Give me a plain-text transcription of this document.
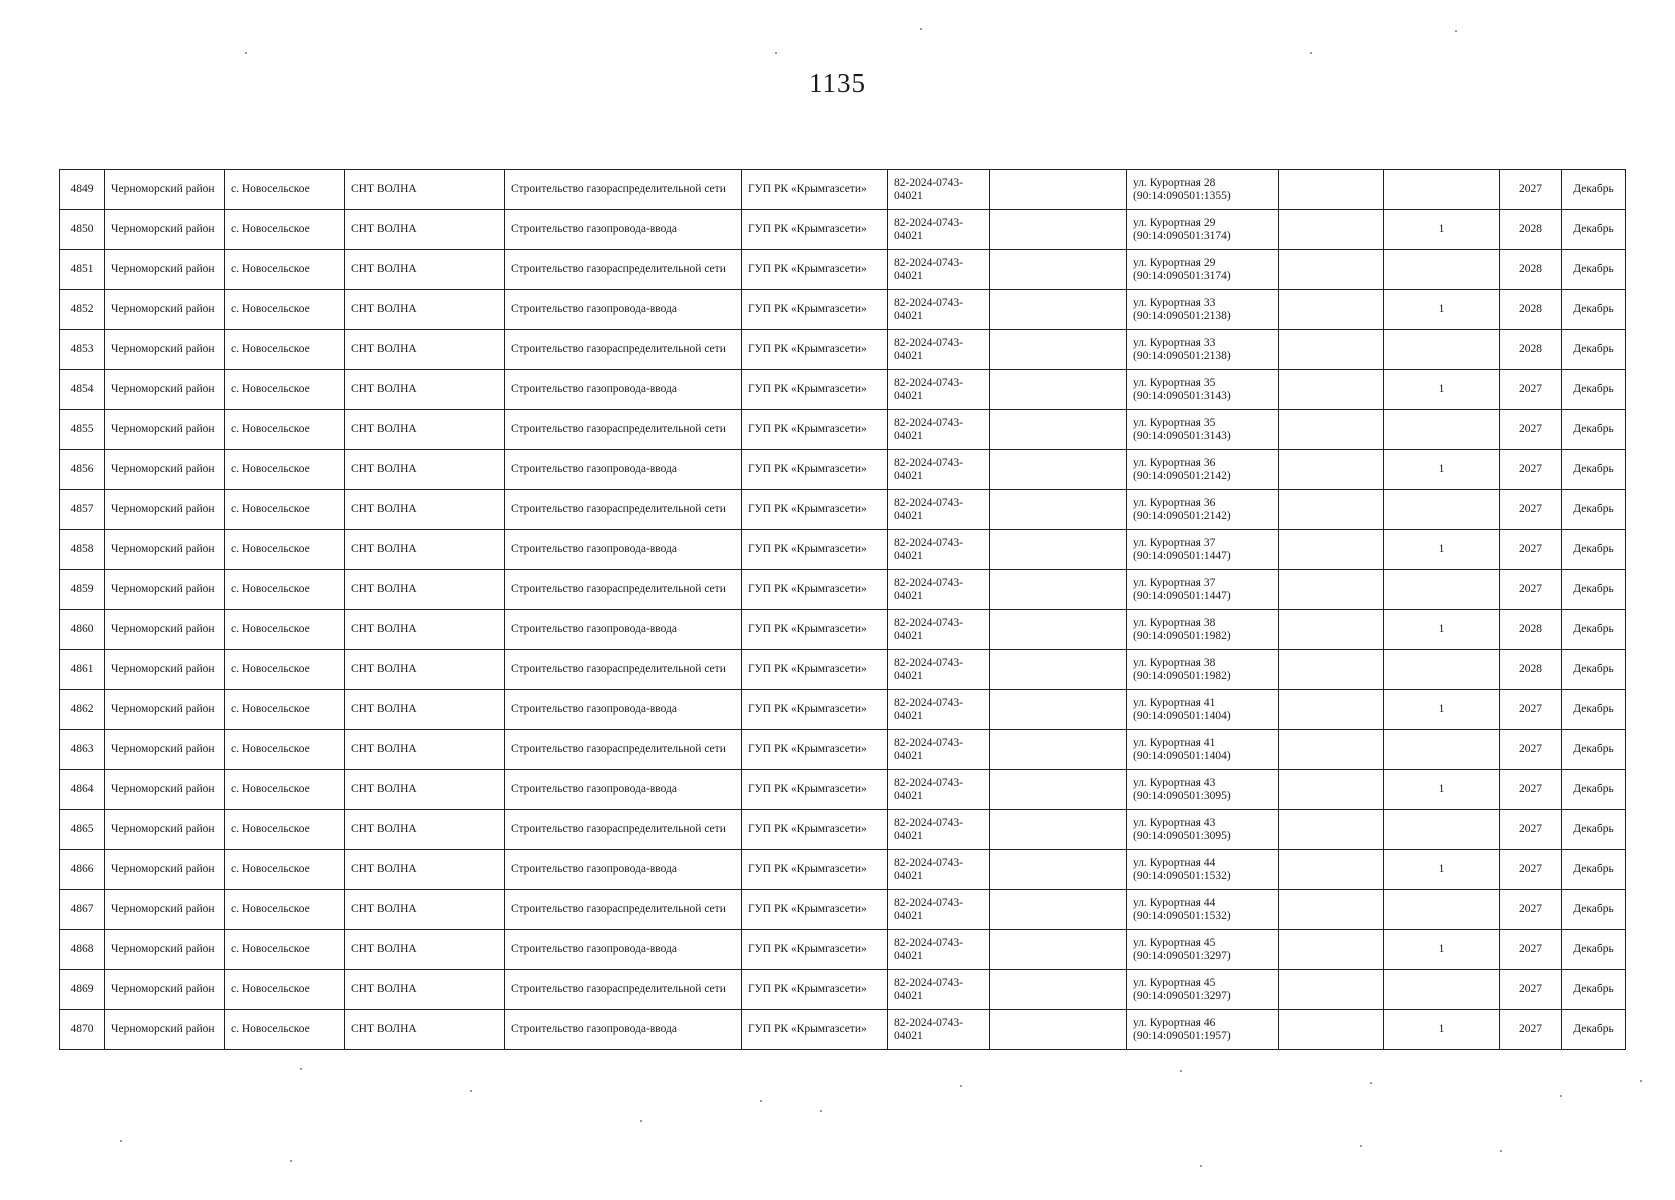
1135
4849	Черноморский район	с. Новосельское	СНТ ВОЛНА	Строительство газораспределительной сети	ГУП РК «Крымгазсети»	82-2024-0743-04021		ул. Курортная 28 (90:14:090501:1355)			2027	Декабрь
4850	Черноморский район	с. Новосельское	СНТ ВОЛНА	Строительство газопровода-ввода	ГУП РК «Крымгазсети»	82-2024-0743-04021		ул. Курортная 29 (90:14:090501:3174)		1	2028	Декабрь
4851	Черноморский район	с. Новосельское	СНТ ВОЛНА	Строительство газораспределительной сети	ГУП РК «Крымгазсети»	82-2024-0743-04021		ул. Курортная 29 (90:14:090501:3174)			2028	Декабрь
4852	Черноморский район	с. Новосельское	СНТ ВОЛНА	Строительство газопровода-ввода	ГУП РК «Крымгазсети»	82-2024-0743-04021		ул. Курортная 33 (90:14:090501:2138)		1	2028	Декабрь
4853	Черноморский район	с. Новосельское	СНТ ВОЛНА	Строительство газораспределительной сети	ГУП РК «Крымгазсети»	82-2024-0743-04021		ул. Курортная 33 (90:14:090501:2138)			2028	Декабрь
4854	Черноморский район	с. Новосельское	СНТ ВОЛНА	Строительство газопровода-ввода	ГУП РК «Крымгазсети»	82-2024-0743-04021		ул. Курортная 35 (90:14:090501:3143)		1	2027	Декабрь
4855	Черноморский район	с. Новосельское	СНТ ВОЛНА	Строительство газораспределительной сети	ГУП РК «Крымгазсети»	82-2024-0743-04021		ул. Курортная 35 (90:14:090501:3143)			2027	Декабрь
4856	Черноморский район	с. Новосельское	СНТ ВОЛНА	Строительство газопровода-ввода	ГУП РК «Крымгазсети»	82-2024-0743-04021		ул. Курортная 36 (90:14:090501:2142)		1	2027	Декабрь
4857	Черноморский район	с. Новосельское	СНТ ВОЛНА	Строительство газораспределительной сети	ГУП РК «Крымгазсети»	82-2024-0743-04021		ул. Курортная 36 (90:14:090501:2142)			2027	Декабрь
4858	Черноморский район	с. Новосельское	СНТ ВОЛНА	Строительство газопровода-ввода	ГУП РК «Крымгазсети»	82-2024-0743-04021		ул. Курортная 37 (90:14:090501:1447)		1	2027	Декабрь
4859	Черноморский район	с. Новосельское	СНТ ВОЛНА	Строительство газораспределительной сети	ГУП РК «Крымгазсети»	82-2024-0743-04021		ул. Курортная 37 (90:14:090501:1447)			2027	Декабрь
4860	Черноморский район	с. Новосельское	СНТ ВОЛНА	Строительство газопровода-ввода	ГУП РК «Крымгазсети»	82-2024-0743-04021		ул. Курортная 38 (90:14:090501:1982)		1	2028	Декабрь
4861	Черноморский район	с. Новосельское	СНТ ВОЛНА	Строительство газораспределительной сети	ГУП РК «Крымгазсети»	82-2024-0743-04021		ул. Курортная 38 (90:14:090501:1982)			2028	Декабрь
4862	Черноморский район	с. Новосельское	СНТ ВОЛНА	Строительство газопровода-ввода	ГУП РК «Крымгазсети»	82-2024-0743-04021		ул. Курортная 41 (90:14:090501:1404)		1	2027	Декабрь
4863	Черноморский район	с. Новосельское	СНТ ВОЛНА	Строительство газораспределительной сети	ГУП РК «Крымгазсети»	82-2024-0743-04021		ул. Курортная 41 (90:14:090501:1404)			2027	Декабрь
4864	Черноморский район	с. Новосельское	СНТ ВОЛНА	Строительство газопровода-ввода	ГУП РК «Крымгазсети»	82-2024-0743-04021		ул. Курортная 43 (90:14:090501:3095)		1	2027	Декабрь
4865	Черноморский район	с. Новосельское	СНТ ВОЛНА	Строительство газораспределительной сети	ГУП РК «Крымгазсети»	82-2024-0743-04021		ул. Курортная 43 (90:14:090501:3095)			2027	Декабрь
4866	Черноморский район	с. Новосельское	СНТ ВОЛНА	Строительство газопровода-ввода	ГУП РК «Крымгазсети»	82-2024-0743-04021		ул. Курортная 44 (90:14:090501:1532)		1	2027	Декабрь
4867	Черноморский район	с. Новосельское	СНТ ВОЛНА	Строительство газораспределительной сети	ГУП РК «Крымгазсети»	82-2024-0743-04021		ул. Курортная 44 (90:14:090501:1532)			2027	Декабрь
4868	Черноморский район	с. Новосельское	СНТ ВОЛНА	Строительство газопровода-ввода	ГУП РК «Крымгазсети»	82-2024-0743-04021		ул. Курортная 45 (90:14:090501:3297)		1	2027	Декабрь
4869	Черноморский район	с. Новосельское	СНТ ВОЛНА	Строительство газораспределительной сети	ГУП РК «Крымгазсети»	82-2024-0743-04021		ул. Курортная 45 (90:14:090501:3297)			2027	Декабрь
4870	Черноморский район	с. Новосельское	СНТ ВОЛНА	Строительство газопровода-ввода	ГУП РК «Крымгазсети»	82-2024-0743-04021		ул. Курортная 46 (90:14:090501:1957)		1	2027	Декабрь
